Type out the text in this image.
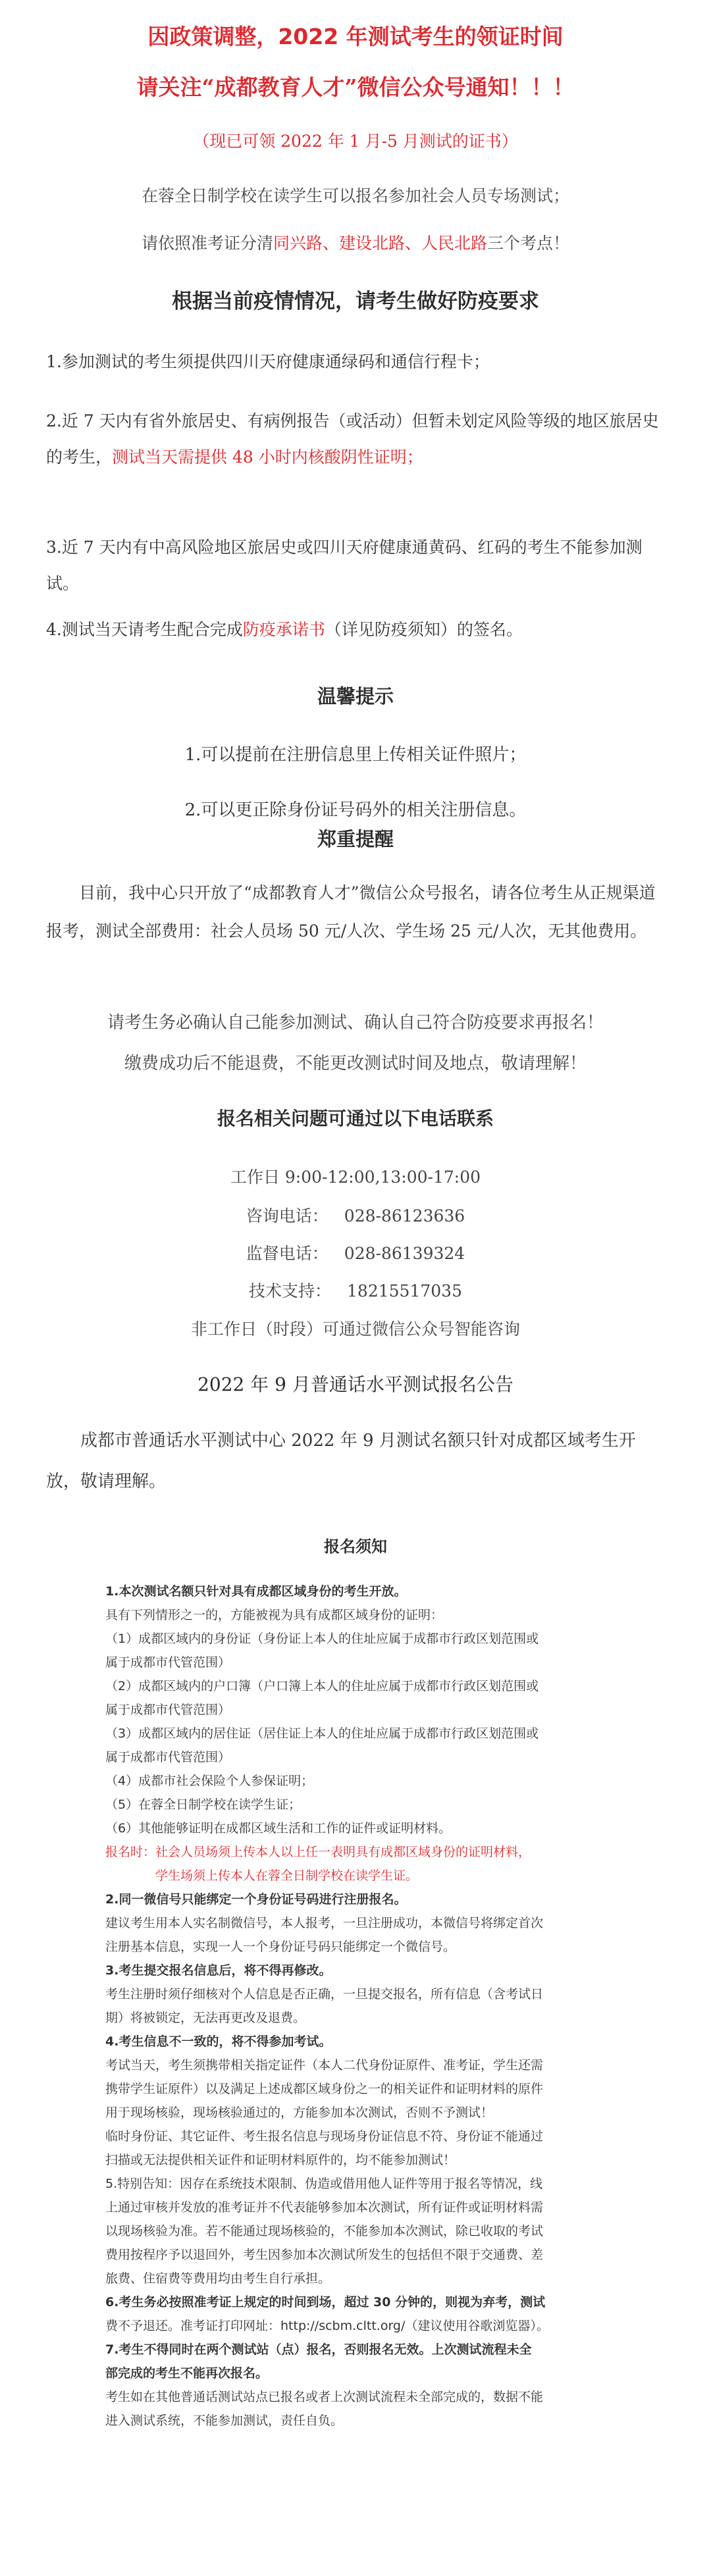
因政策调整，2022 年测试考生的领证时间
请关注“成都教育人才”微信公众号通知！！！
（现已可领 2022 年 1 月-5 月测试的证书）
在蓉全日制学校在读学生可以报名参加社会人员专场测试；
请依照准考证分清同兴路、建设北路、人民北路三个考点！
根据当前疫情情况，请考生做好防疫要求
1.参加测试的考生须提供四川天府健康通绿码和通信行程卡；
2.近 7 天内有省外旅居史、有病例报告（或活动）但暂未划定风险等级的地区旅居史的考生，测试当天需提供 48 小时内核酸阴性证明；
3.近 7 天内有中高风险地区旅居史或四川天府健康通黄码、红码的考生不能参加测试。
4.测试当天请考生配合完成防疫承诺书（详见防疫须知）的签名。
温馨提示
1.可以提前在注册信息里上传相关证件照片；
2.可以更正除身份证号码外的相关注册信息。
郑重提醒
目前，我中心只开放了“成都教育人才”微信公众号报名，请各位考生从正规渠道报考，测试全部费用：社会人员场 50 元/人次、学生场 25 元/人次，无其他费用。
请考生务必确认自己能参加测试、确认自己符合防疫要求再报名！
缴费成功后不能退费，不能更改测试时间及地点，敬请理解！
报名相关问题可通过以下电话联系
工作日 9:00-12:00,13:00-17:00
咨询电话： 028-86123636
监督电话： 028-86139324
技术支持： 18215517035
非工作日（时段）可通过微信公众号智能咨询
2022 年 9 月普通话水平测试报名公告
成都市普通话水平测试中心 2022 年 9 月测试名额只针对成都区域考生开放，敬请理解。
报名须知
1.本次测试名额只针对具有成都区域身份的考生开放。
具有下列情形之一的，方能被视为具有成都区域身份的证明：
（1）成都区域内的身份证（身份证上本人的住址应属于成都市行政区划范围或
属于成都市代管范围）
（2）成都区域内的户口簿（户口簿上本人的住址应属于成都市行政区划范围或
属于成都市代管范围）
（3）成都区域内的居住证（居住证上本人的住址应属于成都市行政区划范围或
属于成都市代管范围）
（4）成都市社会保险个人参保证明；
（5）在蓉全日制学校在读学生证；
（6）其他能够证明在成都区域生活和工作的证件或证明材料。
报名时：社会人员场须上传本人以上任一表明具有成都区域身份的证明材料，
　　　　学生场须上传本人在蓉全日制学校在读学生证。
2.同一微信号只能绑定一个身份证号码进行注册报名。
建议考生用本人实名制微信号，本人报考，一旦注册成功，本微信号将绑定首次
注册基本信息，实现一人一个身份证号码只能绑定一个微信号。
3.考生提交报名信息后，将不得再修改。
考生注册时须仔细核对个人信息是否正确，一旦提交报名，所有信息（含考试日
期）将被锁定，无法再更改及退费。
4.考生信息不一致的，将不得参加考试。
考试当天，考生须携带相关指定证件（本人二代身份证原件、准考证，学生还需
携带学生证原件）以及满足上述成都区域身份之一的相关证件和证明材料的原件
用于现场核验，现场核验通过的，方能参加本次测试，否则不予测试！
临时身份证、其它证件、考生报名信息与现场身份证信息不符、身份证不能通过
扫描或无法提供相关证件和证明材料原件的，均不能参加测试！
5.特别告知：因存在系统技术限制、伪造或借用他人证件等用于报名等情况，线
上通过审核并发放的准考证并不代表能够参加本次测试，所有证件或证明材料需
以现场核验为准。若不能通过现场核验的，不能参加本次测试，除已收取的考试
费用按程序予以退回外，考生因参加本次测试所发生的包括但不限于交通费、差
旅费、住宿费等费用均由考生自行承担。
6.考生务必按照准考证上规定的时间到场，超过 30 分钟的，则视为弃考，测试
费不予退还。准考证打印网址：http://scbm.cltt.org/（建议使用谷歌浏览器）。
7.考生不得同时在两个测试站（点）报名，否则报名无效。上次测试流程未全
部完成的考生不能再次报名。
考生如在其他普通话测试站点已报名或者上次测试流程未全部完成的，数据不能
进入测试系统，不能参加测试，责任自负。
